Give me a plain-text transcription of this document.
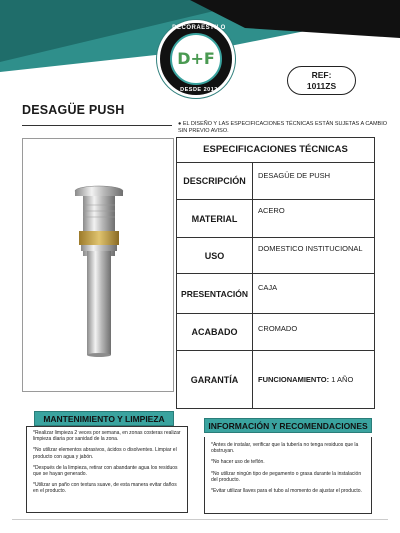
DECORAESTILO
D+F
DESDE 2012
REF:
1011ZS
DESAGÜE PUSH
● EL DISEÑO Y LAS ESPECIFICACIONES TÉCNICAS ESTÁN SUJETAS A CAMBIO SIN PREVIO AVISO.
ESPECIFICACIONES TÉCNICAS
DESCRIPCIÓN
DESAGÜE DE PUSH
MATERIAL
ACERO
USO
DOMESTICO INSTITUCIONAL
PRESENTACIÓN
CAJA
ACABADO	CROMADO
GARANTÍA	FUNCIONAMIENTO: 1 AÑO
MANTENIMIENTO Y LIMPIEZA
*Realizar limpieza 2 veces por semana, en zonas costeras realizar limpieza diaria por sanidad de la zona.
*No utilizar elementos abrasivos, ácidos o disolventes. Limpiar el producto con agua y jabón.
*Después de la limpieza, retirar con abandante agua los residuos que se hayan generado.
*Utilizar un paño con textura suave, de esta manera evitar daños en el producto.
INFORMACIÓN Y RECOMENDACIONES
*Antes de instalar, verificar que la tubería no tenga residuos que la obstruyan.
*No hacer uso de teflón.
*No utilizar ningún tipo de pegamento o grasa durante la instalación del producto.
*Evitar utilizar llaves para el tubo al momento de ajustar el producto.
